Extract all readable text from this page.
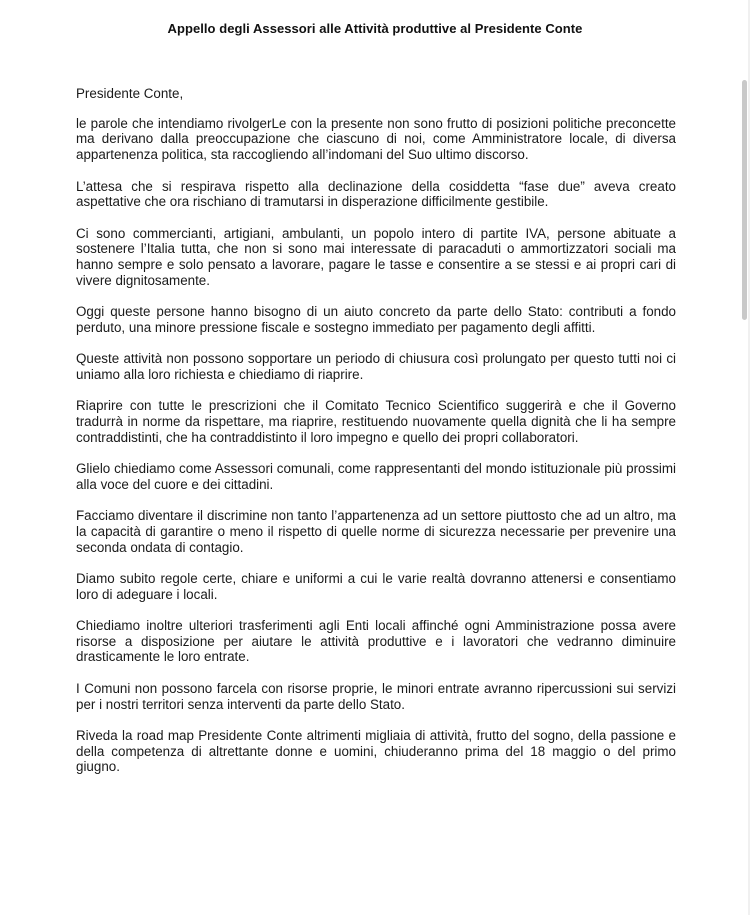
Appello degli Assessori alle Attività produttive al Presidente Conte

Presidente Conte,

le parole che intendiamo rivolgerLe con la presente non sono frutto di posizioni politiche preconcette ma derivano dalla preoccupazione che ciascuno di noi, come Amministratore locale, di diversa appartenenza politica, sta raccogliendo all’indomani del Suo ultimo discorso.

L’attesa che si respirava rispetto alla declinazione della cosiddetta “fase due” aveva creato aspettative che ora rischiano di tramutarsi in disperazione difficilmente gestibile.

Ci sono commercianti, artigiani, ambulanti, un popolo intero di partite IVA, persone abituate a sostenere l’Italia tutta, che non si sono mai interessate di paracaduti o ammortizzatori sociali ma hanno sempre e solo pensato a lavorare, pagare le tasse e consentire a se stessi e ai propri cari di vivere dignitosamente.

Oggi queste persone hanno bisogno di un aiuto concreto da parte dello Stato: contributi a fondo perduto, una minore pressione fiscale e sostegno immediato per pagamento degli affitti.

Queste attività non possono sopportare un periodo di chiusura così prolungato per questo tutti noi ci uniamo alla loro richiesta e chiediamo di riaprire.

Riaprire con tutte le prescrizioni che il Comitato Tecnico Scientifico suggerirà e che il Governo tradurrà in norme da rispettare, ma riaprire, restituendo nuovamente quella dignità che li ha sempre contraddistinti, che ha contraddistinto il loro impegno e quello dei propri collaboratori.

Glielo chiediamo come Assessori comunali, come rappresentanti del mondo istituzionale più prossimi alla voce del cuore e dei cittadini.

Facciamo diventare il discrimine non tanto l’appartenenza ad un settore piuttosto che ad un altro, ma la capacità di garantire o meno il rispetto di quelle norme di sicurezza necessarie per prevenire una seconda ondata di contagio.

Diamo subito regole certe, chiare e uniformi a cui le varie realtà dovranno attenersi e consentiamo loro di adeguare i locali.

Chiediamo inoltre ulteriori trasferimenti agli Enti locali affinché ogni Amministrazione possa avere risorse a disposizione per aiutare le attività produttive e i lavoratori che vedranno diminuire drasticamente le loro entrate.

I Comuni non possono farcela con risorse proprie, le minori entrate avranno ripercussioni sui servizi per i nostri territori senza interventi da parte dello Stato.

Riveda la road map Presidente Conte altrimenti migliaia di attività, frutto del sogno, della passione e della competenza di altrettante donne e uomini, chiuderanno prima del 18 maggio o del primo giugno.
